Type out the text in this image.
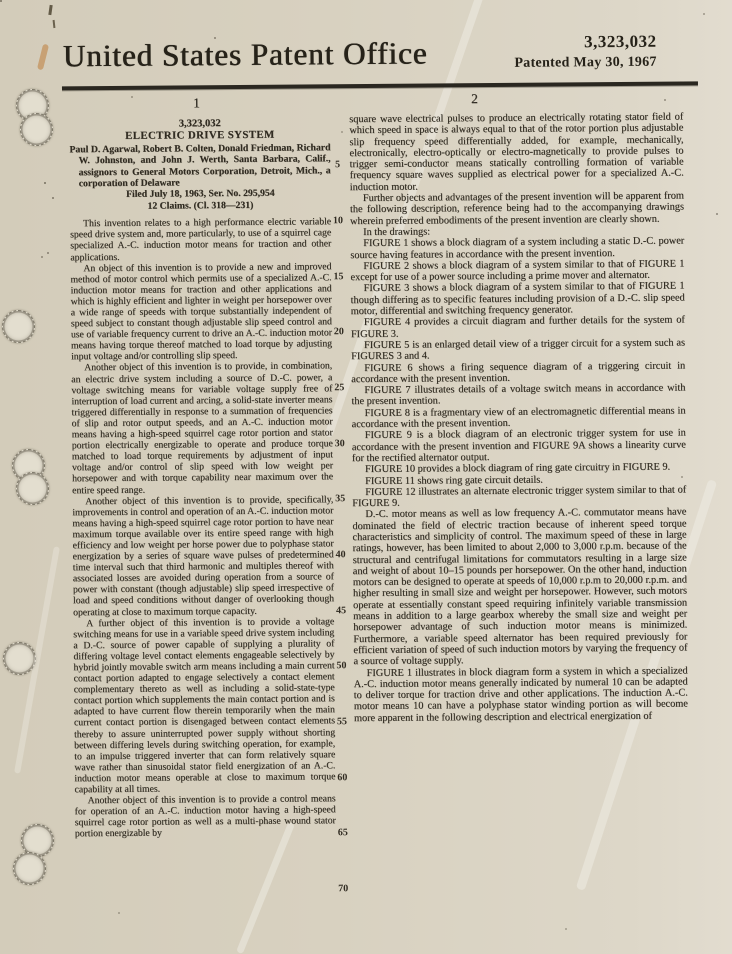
United States Patent Office	3,323,032
Patented May 30, 1967
1	2
5
10
15
20
25
30
35
40
45
50
55
60
65
70
3,323,032
ELECTRIC DRIVE SYSTEM
Paul D. Agarwal, Robert B. Colten, Donald Friedman, Richard W. Johnston, and John J. Werth, Santa Barbara, Calif., assignors to General Motors Corporation, Detroit, Mich., a corporation of Delaware
Filed July 18, 1963, Ser. No. 295,954
12 Claims. (Cl. 318—231)

This invention relates to a high performance electric variable speed drive system and, more particularly, to use of a squirrel cage specialized A.-C. induction motor means for traction and other applications.

An object of this invention is to provide a new and improved method of motor control which permits use of a specialized A.-C. induction motor means for traction and other applications and which is highly efficient and lighter in weight per horsepower over a wide range of speeds with torque substantially independent of speed subject to constant though adjustable slip speed control and use of variable frequency current to drive an A.-C. induction motor means having torque thereof matched to load torque by adjusting input voltage and/or controlling slip speed.

Another object of this invention is to provide, in combination, an electric drive system including a source of D.-C. power, a voltage switching means for variable voltage supply free of interruption of load current and arcing, a solid-state inverter means triggered differentially in response to a summation of frequencies of slip and rotor output speeds, and an A.-C. induction motor means having a high-speed squirrel cage rotor portion and stator portion electrically energizable to operate and produce torque matched to load torque requirements by adjustment of input voltage and/or control of slip speed with low weight per horsepower and with torque capability near maximum over the entire speed range.

Another object of this invention is to provide, specifically, improvements in control and operation of an A.-C. induction motor means having a high-speed squirrel cage rotor portion to have near maximum torque available over its entire speed range with high efficiency and low weight per horse power due to polyphase stator energization by a series of square wave pulses of predetermined time interval such that third harmonic and multiples thereof with associated losses are avoided during operation from a source of power with constant (though adjustable) slip speed irrespective of load and speed conditions without danger of overlooking though operating at close to maximum torque capacity.

A further object of this invention is to provide a voltage switching means for use in a variable speed drive system including a D.-C. source of power capable of supplying a plurality of differing voltage level contact elements engageable selectively by hybrid jointly movable switch arm means including a main current contact portion adapted to engage selectively a contact element complementary thereto as well as including a solid-state-type contact portion which supplements the main contact portion and is adapted to have current flow therein temporarily when the main current contact portion is disengaged between contact elements thereby to assure uninterrupted power supply without shorting between differing levels during switching operation, for example, to an impulse triggered inverter that can form relatively square wave rather than sinusoidal stator field energization of an A.-C. induction motor means operable at close to maximum torque capability at all times.

Another object of this invention is to provide a control means for operation of an A.-C. induction motor having a high-speed squirrel cage rotor portion as well as a multi-phase wound stator portion energizable by

square wave electrical pulses to produce an electrically rotating stator field of which speed in space is always equal to that of the rotor portion plus adjustable slip frequency speed differentially added, for example, mechanically, electronically, electro-optically or electro-magnetically to provide pulses to trigger semi-conductor means statically controlling formation of variable frequency square waves supplied as electrical power for a specialized A.-C. induction motor.

Further objects and advantages of the present invention will be apparent from the following description, reference being had to the accompanying drawings wherein preferred embodiments of the present invention are clearly shown.

In the drawings:

FIGURE 1 shows a block diagram of a system including a static D.-C. power source having features in accordance with the present invention.

FIGURE 2 shows a block diagram of a system similar to that of FIGURE 1 except for use of a power source including a prime mover and alternator.

FIGURE 3 shows a block diagram of a system similar to that of FIGURE 1 though differing as to specific features including provision of a D.-C. slip speed motor, differential and switching frequency generator.

FIGURE 4 provides a circuit diagram and further details for the system of FIGURE 3.

FIGURE 5 is an enlarged detail view of a trigger circuit for a system such as FIGURES 3 and 4.

FIGURE 6 shows a firing sequence diagram of a triggering circuit in accordance with the present invention.

FIGURE 7 illustrates details of a voltage switch means in accordance with the present invention.

FIGURE 8 is a fragmentary view of an electromagnetic differential means in accordance with the present invention.

FIGURE 9 is a block diagram of an electronic trigger system for use in accordance with the present invention and FIGURE 9A shows a linearity curve for the rectified alternator output.

FIGURE 10 provides a block diagram of ring gate circuitry in FIGURE 9.

FIGURE 11 shows ring gate circuit details.

FIGURE 12 illustrates an alternate electronic trigger system similar to that of FIGURE 9.

D.-C. motor means as well as low frequency A.-C. commutator means have dominated the field of electric traction because of inherent speed torque characteristics and simplicity of control. The maximum speed of these in large ratings, however, has been limited to about 2,000 to 3,000 r.p.m. because of the structural and centrifugal limitations for commutators resulting in a large size and weight of about 10–15 pounds per horsepower. On the other hand, induction motors can be designed to operate at speeds of 10,000 r.p.m to 20,000 r.p.m. and higher resulting in small size and weight per horsepower. However, such motors operate at essentially constant speed requiring infinitely variable transmission means in addition to a large gearbox whereby the small size and weight per horsepower advantage of such induction motor means is minimized. Furthermore, a variable speed alternator has been required previously for efficient variation of speed of such induction motors by varying the frequency of a source of voltage supply.

FIGURE 1 illustrates in block diagram form a system in which a specialized A.-C. induction motor means generally indicated by numeral 10 can be adapted to deliver torque for traction drive and other applications. The induction A.-C. motor means 10 can have a polyphase stator winding portion as will become more apparent in the following description and electrical energization of
